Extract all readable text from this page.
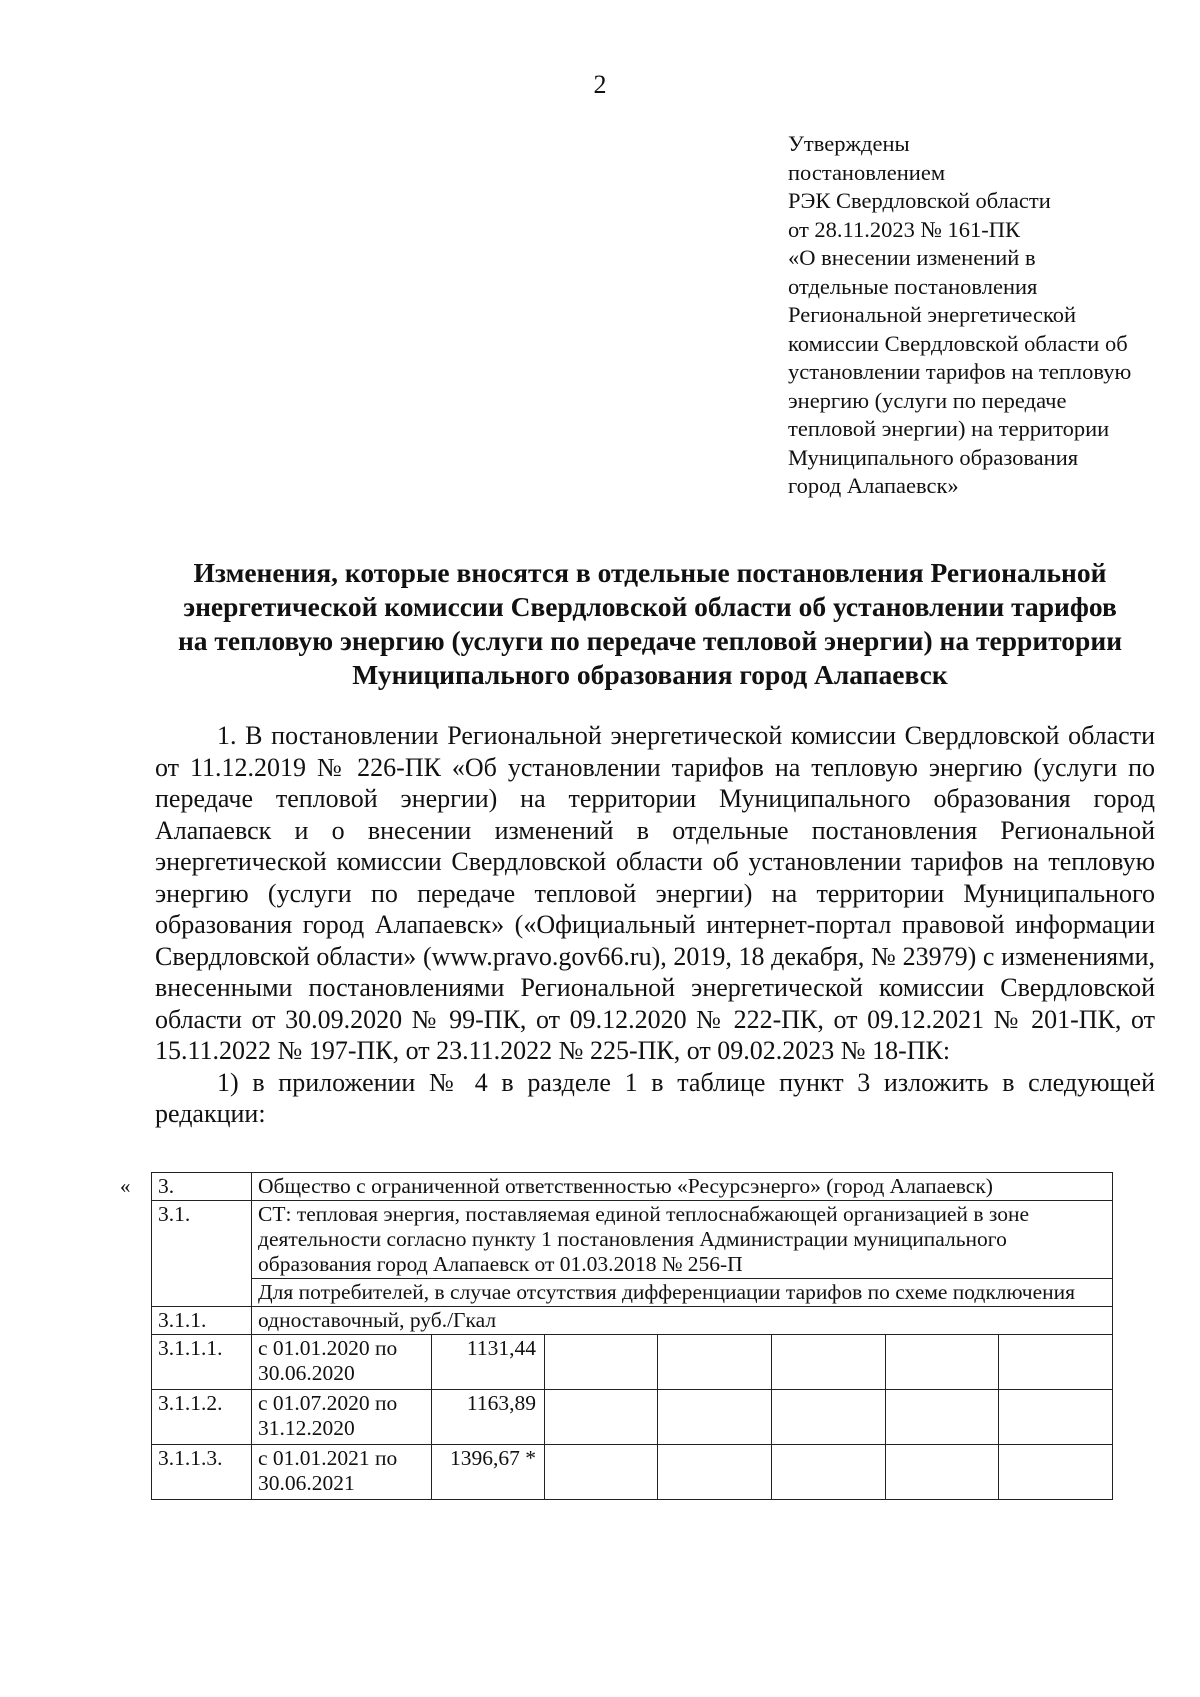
2
Утверждены
постановлением
РЭК Свердловской области
от 28.11.2023 № 161-ПК
«О внесении изменений в
отдельные постановления
Региональной энергетической
комиссии Свердловской области об
установлении тарифов на тепловую
энергию (услуги по передаче
тепловой энергии) на территории
Муниципального образования
город Алапаевск»
Изменения, которые вносятся в отдельные постановления Региональной
энергетической комиссии Свердловской области об установлении тарифов
на тепловую энергию (услуги по передаче тепловой энергии) на территории
Муниципального образования город Алапаевск

1. В постановлении Региональной энергетической комиссии Свердловской области от 11.12.2019 № 226-ПК «Об установлении тарифов на тепловую энергию (услуги по передаче тепловой энергии) на территории Муниципального образования город Алапаевск и о внесении изменений в отдельные постановления Региональной энергетической комиссии Свердловской области об установлении тарифов на тепловую энергию (услуги по передаче тепловой энергии) на территории Муниципального образования город Алапаевск» («Официальный интернет-портал правовой информации Свердловской области» (www.pravo.gov66.ru), 2019, 18 декабря, № 23979) с изменениями, внесенными постановлениями Региональной энергетической комиссии Свердловской области от 30.09.2020 № 99-ПК, от 09.12.2020 № 222-ПК, от 09.12.2021 № 201-ПК, от 15.11.2022 № 197-ПК, от 23.11.2022 № 225-ПК, от 09.02.2023 № 18-ПК:

1) в приложении № 4 в разделе 1 в таблице пункт 3 изложить в следующей редакции:

« 3.	Общество с ограниченной ответственностью «Ресурсэнерго» (город Алапаевск)						
3.1.	СТ: тепловая энергия, поставляемая единой теплоснабжающей организацией в зоне деятельности согласно пункту 1 постановления Администрации муниципального образования город Алапаевск от 01.03.2018 № 256-П						
	Для потребителей, в случае отсутствия дифференциации тарифов по схеме подключения						
3.1.1.	одноставочный, руб./Гкал						
3.1.1.1.	с 01.01.2020 по 30.06.2020	1131,44					
3.1.1.2.	с 01.07.2020 по 31.12.2020	1163,89					
3.1.1.3.	с 01.01.2021 по 30.06.2021	1396,67 *					
